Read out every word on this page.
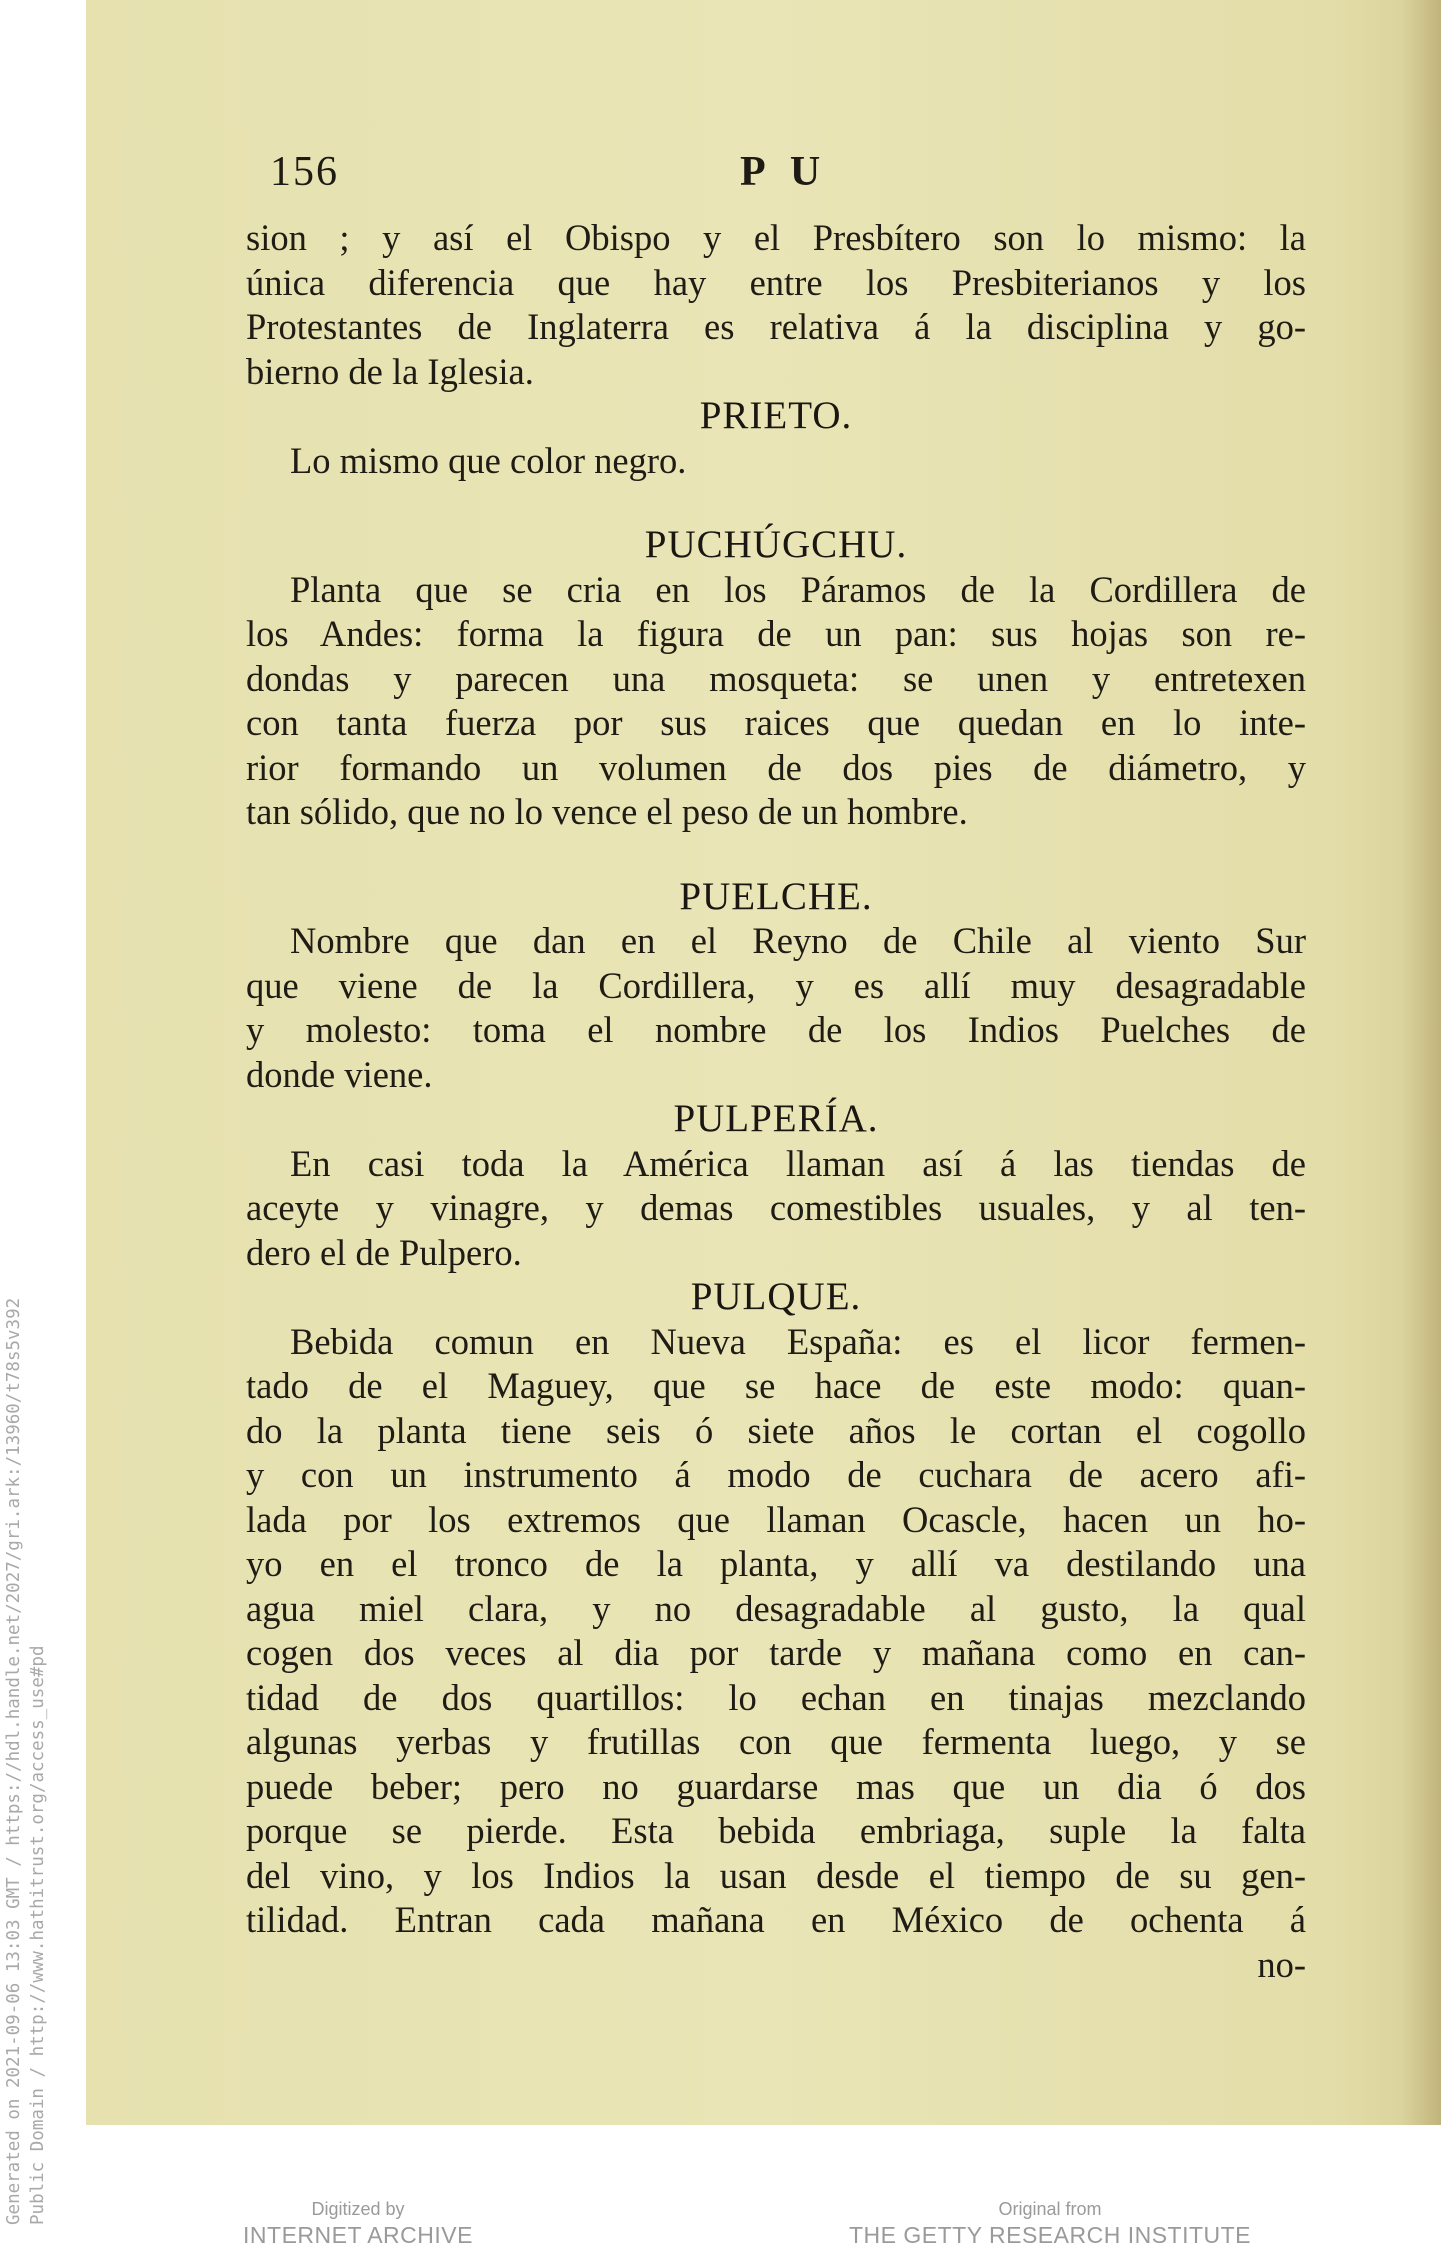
156	P U
sion ; y así el Obispo y el Presbítero son lo mismo: la
única diferencia que hay entre los Presbiterianos y los
Protestantes de Inglaterra es relativa á la disciplina y go-
bierno de la Iglesia.
PRIETO.
Lo mismo que color negro.
PUCHÚGCHU.
Planta que se cria en los Páramos de la Cordillera de
los Andes: forma la figura de un pan: sus hojas son re-
dondas y parecen una mosqueta: se unen y entretexen
con tanta fuerza por sus raices que quedan en lo inte-
rior formando un volumen de dos pies de diámetro, y
tan sólido, que no lo vence el peso de un hombre.
PUELCHE.
Nombre que dan en el Reyno de Chile al viento Sur
que viene de la Cordillera, y es allí muy desagradable
y molesto: toma el nombre de los Indios Puelches de
donde viene.
PULPERÍA.
En casi toda la América llaman así á las tiendas de
aceyte y vinagre, y demas comestibles usuales, y al ten-
dero el de Pulpero.
PULQUE.
Bebida comun en Nueva España: es el licor fermen-
tado de el Maguey, que se hace de este modo: quan-
do la planta tiene seis ó siete años le cortan el cogollo
y con un instrumento á modo de cuchara de acero afi-
lada por los extremos que llaman Ocascle, hacen un ho-
yo en el tronco de la planta, y allí va destilando una
agua miel clara, y no desagradable al gusto, la qual
cogen dos veces al dia por tarde y mañana como en can-
tidad de dos quartillos: lo echan en tinajas mezclando
algunas yerbas y frutillas con que fermenta luego, y se
puede beber; pero no guardarse mas que un dia ó dos
porque se pierde. Esta bebida embriaga, suple la falta
del vino, y los Indios la usan desde el tiempo de su gen-
tilidad. Entran cada mañana en México de ochenta á
no-
Generated on 2021-09-06 13:03 GMT / https://hdl.handle.net/2027/gri.ark:/13960/t78s5v392 Public Domain / http://www.hathitrust.org/access_use#pd	Digitized by
INTERNET ARCHIVE
Original from
THE GETTY RESEARCH INSTITUTE
